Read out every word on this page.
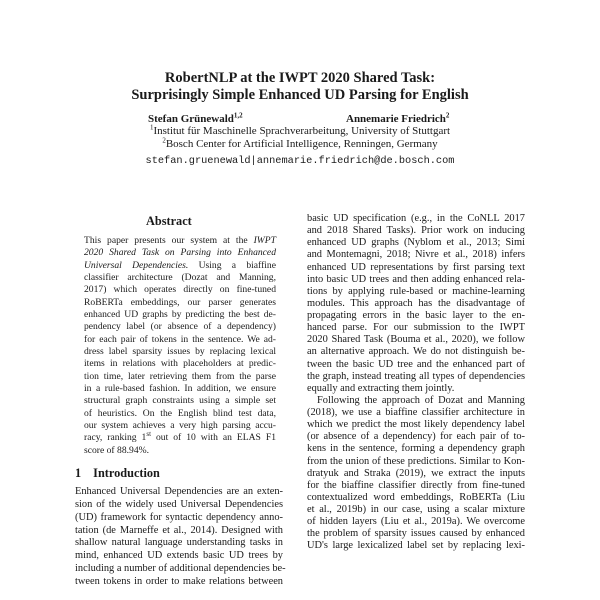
RobertNLP at the IWPT 2020 Shared Task:
Surprisingly Simple Enhanced UD Parsing for English
Stefan Grünewald$^{1,2}$	Annemarie Friedrich$^2$
$^1$Institut für Maschinelle Sprachverarbeitung, University of Stuttgart
$^2$Bosch Center for Artificial Intelligence, Renningen, Germany
stefan.gruenewald|annemarie.friedrich@de.bosch.com
Abstract
This paper presents our system at the IWPT
2020 Shared Task on Parsing into Enhanced
Universal Dependencies. Using a biaffine
classifier architecture (Dozat and Manning,
2017) which operates directly on fine-tuned
RoBERTa embeddings, our parser generates
enhanced UD graphs by predicting the best de-
pendency label (or absence of a dependency)
for each pair of tokens in the sentence. We ad-
dress label sparsity issues by replacing lexical
items in relations with placeholders at predic-
tion time, later retrieving them from the parse
in a rule-based fashion. In addition, we ensure
structural graph constraints using a simple set
of heuristics. On the English blind test data,
our system achieves a very high parsing accu-
racy, ranking 1st out of 10 with an ELAS F1
score of 88.94%.
1 Introduction
Enhanced Universal Dependencies are an exten-
sion of the widely used Universal Dependencies
(UD) framework for syntactic dependency anno-
tation (de Marneffe et al., 2014). Designed with
shallow natural language understanding tasks in
mind, enhanced UD extends basic UD trees by
including a number of additional dependencies be-
tween tokens in order to make relations between
basic UD specification (e.g., in the CoNLL 2017
and 2018 Shared Tasks). Prior work on inducing
enhanced UD graphs (Nyblom et al., 2013; Simi
and Montemagni, 2018; Nivre et al., 2018) infers
enhanced UD representations by first parsing text
into basic UD trees and then adding enhanced rela-
tions by applying rule-based or machine-learning
modules. This approach has the disadvantage of
propagating errors in the basic layer to the en-
hanced parse. For our submission to the IWPT
2020 Shared Task (Bouma et al., 2020), we follow
an alternative approach. We do not distinguish be-
tween the basic UD tree and the enhanced part of
the graph, instead treating all types of dependencies
equally and extracting them jointly.
Following the approach of Dozat and Manning
(2018), we use a biaffine classifier architecture in
which we predict the most likely dependency label
(or absence of a dependency) for each pair of to-
kens in the sentence, forming a dependency graph
from the union of these predictions. Similar to Kon-
dratyuk and Straka (2019), we extract the inputs
for the biaffine classifier directly from fine-tuned
contextualized word embeddings, RoBERTa (Liu
et al., 2019b) in our case, using a scalar mixture
of hidden layers (Liu et al., 2019a). We overcome
the problem of sparsity issues caused by enhanced
UD's large lexicalized label set by replacing lexi-
